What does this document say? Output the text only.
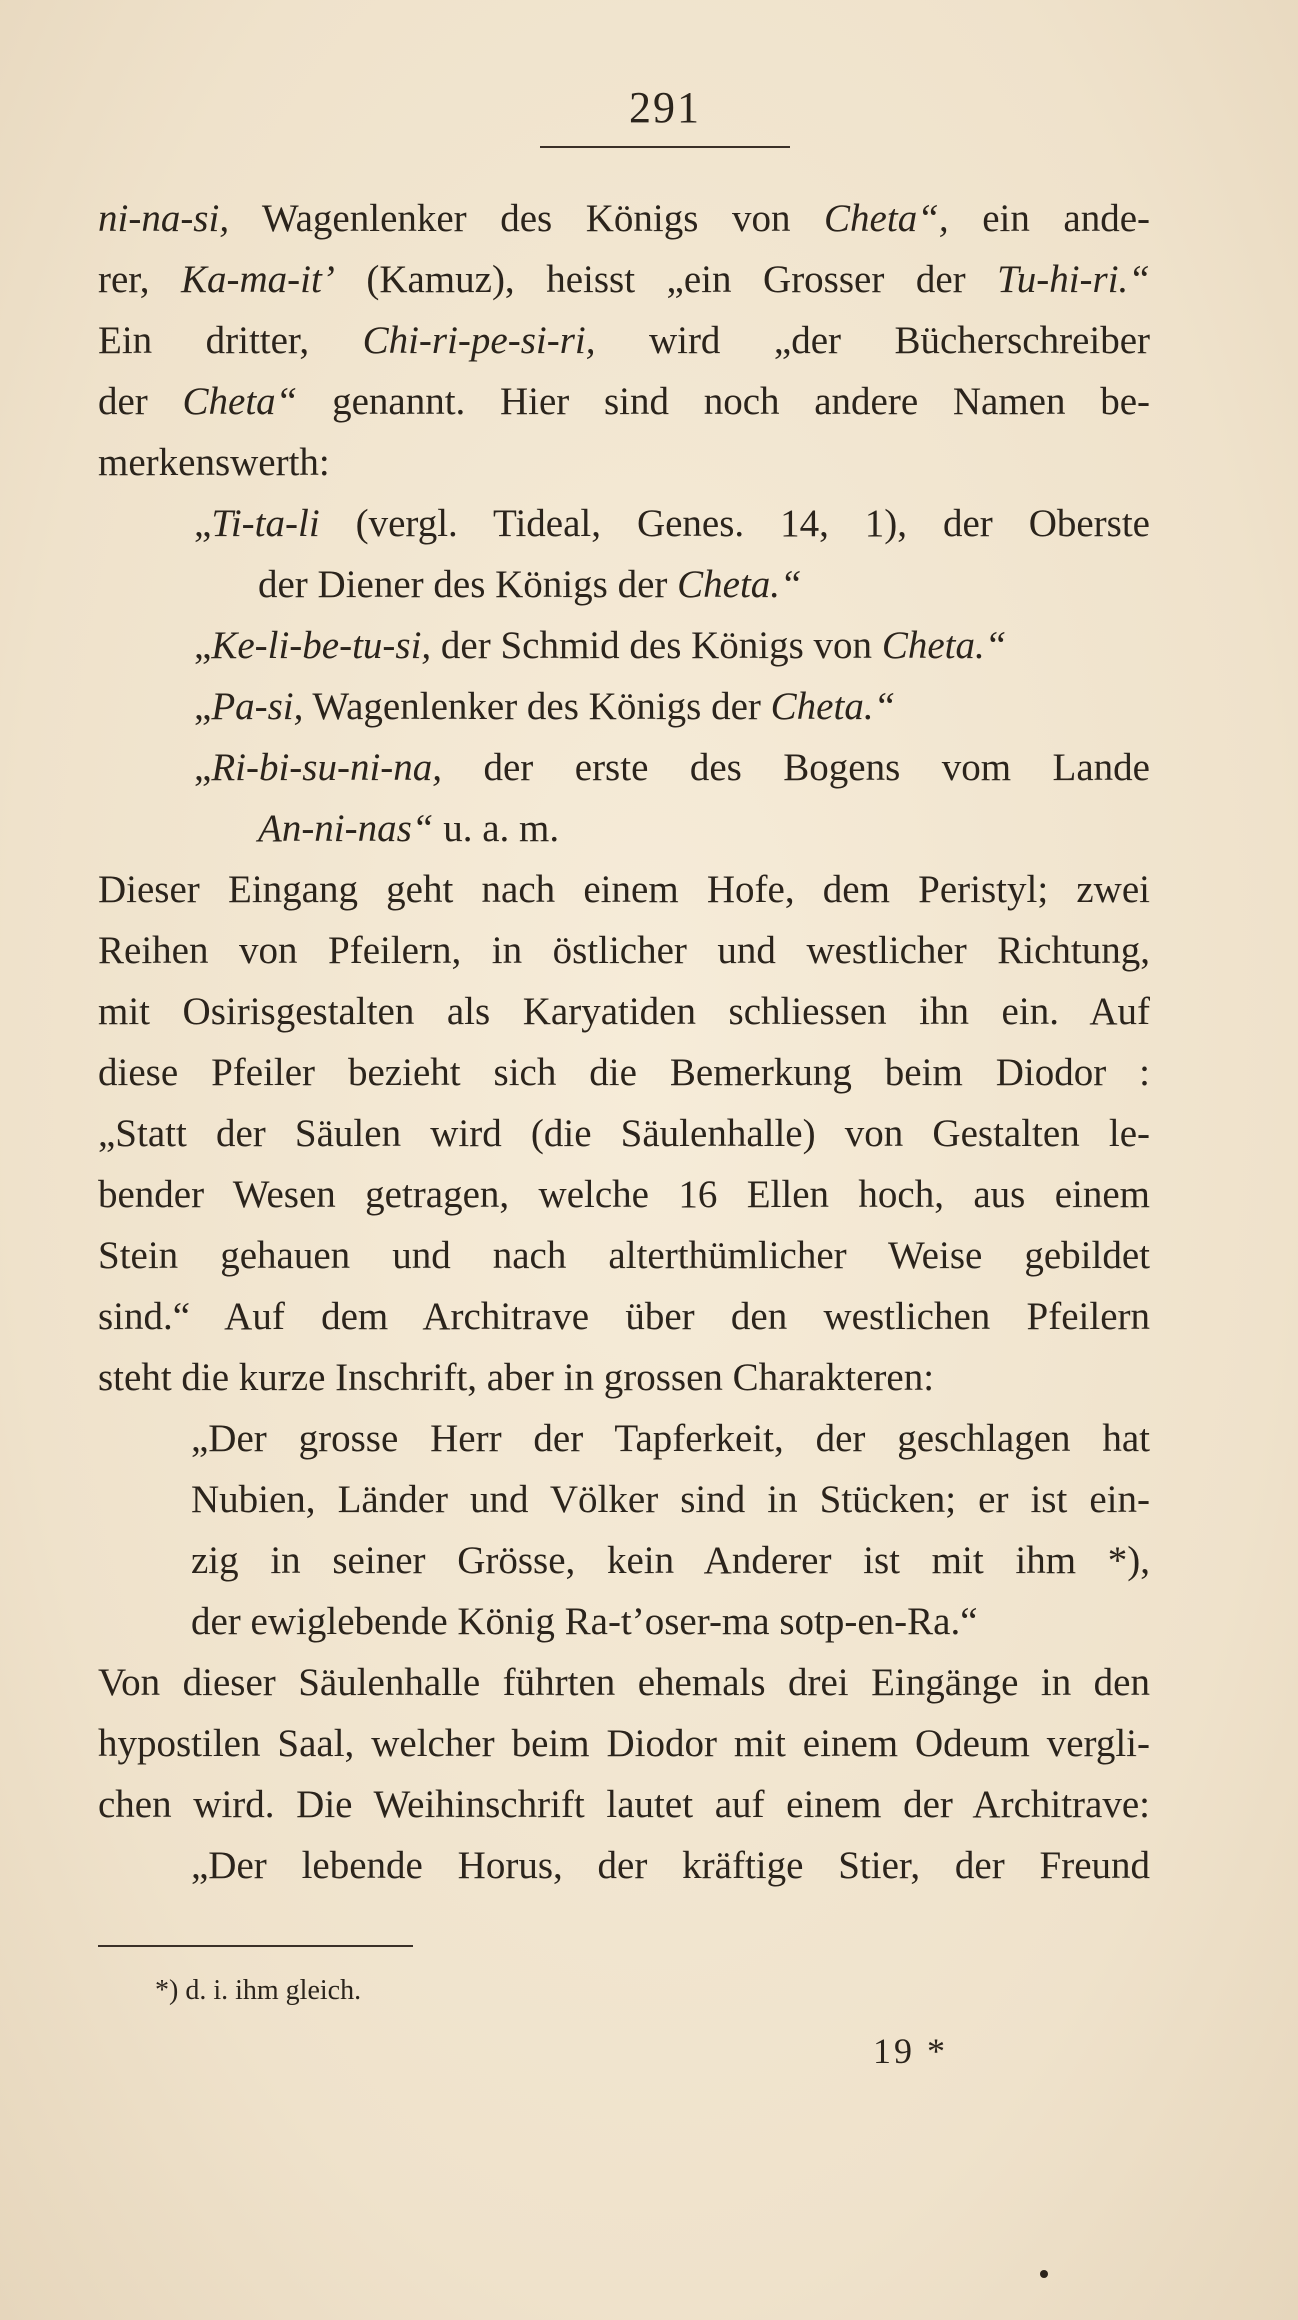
291
ni-na-si, Wagenlenker des Königs von Cheta“, ein ande-
rer, Ka-ma-it’ (Kamuz), heisst „ein Grosser der Tu-hi-ri.“
Ein dritter, Chi-ri-pe-si-ri, wird „der Bücherschreiber
der Cheta“ genannt. Hier sind noch andere Namen be-
merkenswerth:
„Ti-ta-li (vergl. Tideal, Genes. 14, 1), der Oberste
der Diener des Königs der Cheta.“
„Ke-li-be-tu-si, der Schmid des Königs von Cheta.“
„Pa-si, Wagenlenker des Königs der Cheta.“
„Ri-bi-su-ni-na, der erste des Bogens vom Lande
An-ni-nas“ u. a. m.
Dieser Eingang geht nach einem Hofe, dem Peristyl; zwei
Reihen von Pfeilern, in östlicher und westlicher Richtung,
mit Osirisgestalten als Karyatiden schliessen ihn ein. Auf
diese Pfeiler bezieht sich die Bemerkung beim Diodor :
„Statt der Säulen wird (die Säulenhalle) von Gestalten le-
bender Wesen getragen, welche 16 Ellen hoch, aus einem
Stein gehauen und nach alterthümlicher Weise gebildet
sind.“ Auf dem Architrave über den westlichen Pfeilern
steht die kurze Inschrift, aber in grossen Charakteren:
„Der grosse Herr der Tapferkeit, der geschlagen hat
Nubien, Länder und Völker sind in Stücken; er ist ein-
zig in seiner Grösse, kein Anderer ist mit ihm *),
der ewiglebende König Ra-t’oser-ma sotp-en-Ra.“
Von dieser Säulenhalle führten ehemals drei Eingänge in den
hypostilen Saal, welcher beim Diodor mit einem Odeum vergli-
chen wird. Die Weihinschrift lautet auf einem der Architrave:
„Der lebende Horus, der kräftige Stier, der Freund
*) d. i. ihm gleich.
19 *
